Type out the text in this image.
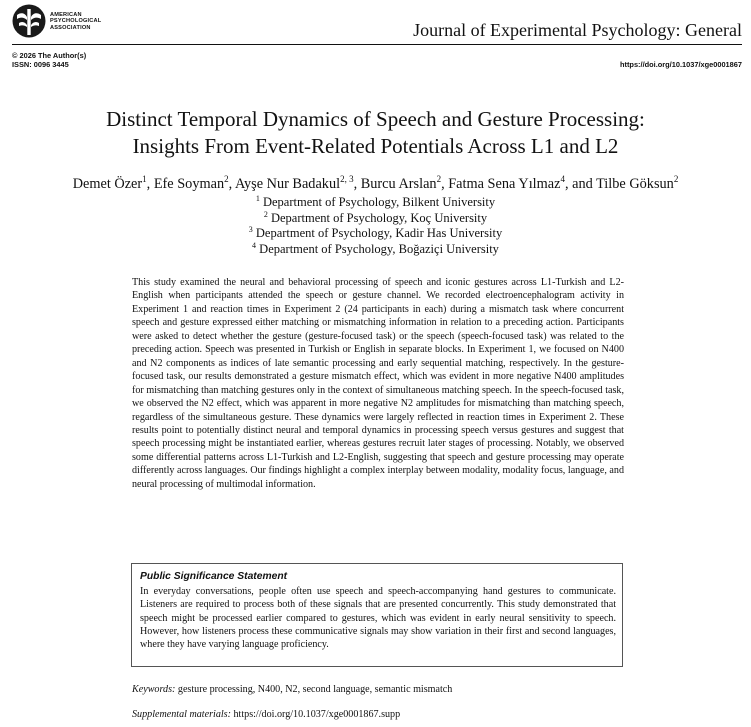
AMERICAN
PSYCHOLOGICAL
ASSOCIATION	Journal of Experimental Psychology: General
© 2026 The Author(s)
ISSN: 0096 3445	https://doi.org/10.1037/xge0001867
Distinct Temporal Dynamics of Speech and Gesture Processing:
Insights From Event-Related Potentials Across L1 and L2
Demet Özer$^1$, Efe Soyman$^2$, Ayşe Nur Badakul$^{2, 3}$, Burcu Arslan$^2$, Fatma Sena Yılmaz$^4$, and Tilbe Göksun$^2$
$^1$ Department of Psychology, Bilkent University
$^2$ Department of Psychology, Koç University
$^3$ Department of Psychology, Kadir Has University
$^4$ Department of Psychology, Boğaziçi University
This study examined the neural and behavioral processing of speech and iconic gestures across L1-Turkish and L2-English when participants attended the speech or gesture channel. We recorded electroencephalogram activity in Experiment 1 and reaction times in Experiment 2 (24 participants in each) during a mismatch task where concurrent speech and gesture expressed either matching or mismatching information in relation to a preceding action. Participants were asked to detect whether the gesture (gesture-focused task) or the speech (speech-focused task) was related to the preceding action. Speech was presented in Turkish or English in separate blocks. In Experiment 1, we focused on N400 and N2 components as indices of late semantic processing and early sequential matching, respectively. In the gesture-focused task, our results demonstrated a gesture mismatch effect, which was evident in more negative N400 amplitudes for mismatching than matching gestures only in the context of simultaneous matching speech. In the speech-focused task, we observed the N2 effect, which was apparent in more negative N2 amplitudes for mismatching than matching speech, regardless of the simultaneous gesture. These dynamics were largely reflected in reaction times in Experiment 2. These results point to potentially distinct neural and temporal dynamics in processing speech versus gestures and suggest that speech processing might be instantiated earlier, whereas gestures recruit later stages of processing. Notably, we observed some differential patterns across L1-Turkish and L2-English, suggesting that speech and gesture processing may operate differently across languages. Our findings highlight a complex interplay between modality, modality focus, language, and neural processing of multimodal information.
Public Significance Statement
In everyday conversations, people often use speech and speech-accompanying hand gestures to communicate. Listeners are required to process both of these signals that are presented concurrently. This study demonstrated that speech might be processed earlier compared to gestures, which was evident in early neural sensitivity to speech. However, how listeners process these communicative signals may show variation in their first and second languages, where they have varying language proficiency.
Keywords: gesture processing, N400, N2, second language, semantic mismatch
Supplemental materials: https://doi.org/10.1037/xge0001867.supp
